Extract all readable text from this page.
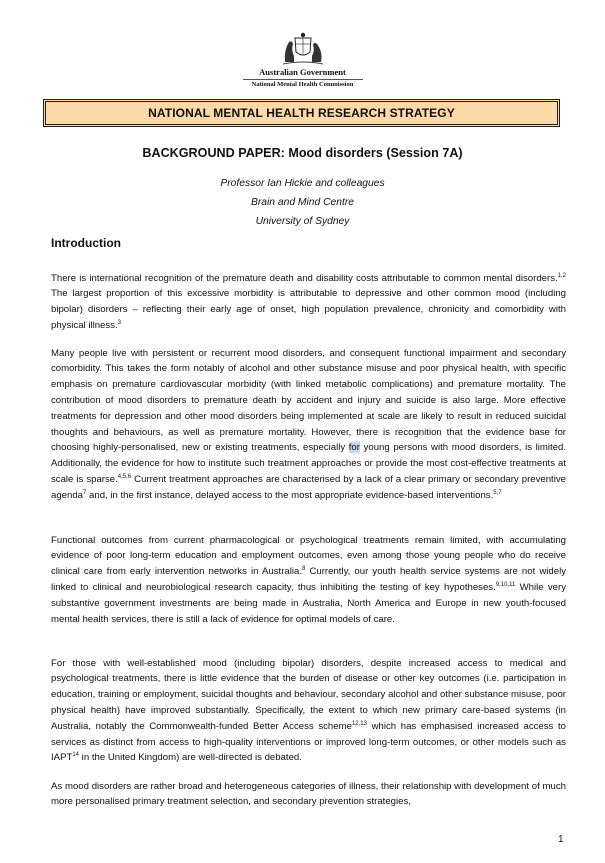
Australian Government
National Mental Health Commission
NATIONAL MENTAL HEALTH RESEARCH STRATEGY
BACKGROUND PAPER: Mood disorders (Session 7A)
Professor Ian Hickie and colleagues
Brain and Mind Centre
University of Sydney
Introduction

There is international recognition of the premature death and disability costs attributable to common mental disorders.$^{1,2}$ The largest proportion of this excessive morbidity is attributable to depressive and other common mood (including bipolar) disorders – reflecting their early age of onset, high population prevalence, chronicity and comorbidity with physical illness.$^3$

Many people live with persistent or recurrent mood disorders, and consequent functional impairment and secondary comorbidity. This takes the form notably of alcohol and other substance misuse and poor physical health, with specific emphasis on premature cardiovascular morbidity (with linked metabolic complications) and premature mortality. The contribution of mood disorders to premature death by accident and injury and suicide is also large. More effective treatments for depression and other mood disorders being implemented at scale are likely to result in reduced suicidal thoughts and behaviours, as well as premature mortality. However, there is recognition that the evidence base for choosing highly-personalised, new or existing treatments, especially for young persons with mood disorders, is limited. Additionally, the evidence for how to institute such treatment approaches or provide the most cost-effective treatments at scale is sparse.$^{4,5,6}$ Current treatment approaches are characterised by a lack of a clear primary or secondary preventive agenda$^7$ and, in the first instance, delayed access to the most appropriate evidence-based interventions.$^{5,7}$

Functional outcomes from current pharmacological or psychological treatments remain limited, with accumulating evidence of poor long-term education and employment outcomes, even among those young people who do receive clinical care from early intervention networks in Australia.$^8$ Currently, our youth health service systems are not widely linked to clinical and neurobiological research capacity, thus inhibiting the testing of key hypotheses.$^{9,10,11}$ While very substantive government investments are being made in Australia, North America and Europe in new youth-focused mental health services, there is still a lack of evidence for optimal models of care.

For those with well-established mood (including bipolar) disorders, despite increased access to medical and psychological treatments, there is little evidence that the burden of disease or other key outcomes (i.e. participation in education, training or employment, suicidal thoughts and behaviour, secondary alcohol and other substance misuse, poor physical health) have improved substantially. Specifically, the extent to which new primary care-based systems (in Australia, notably the Commonwealth-funded Better Access scheme$^{12,13}$ which has emphasised increased access to services as distinct from access to high-quality interventions or improved long-term outcomes, or other models such as IAPT$^{14}$ in the United Kingdom) are well-directed is debated.

As mood disorders are rather broad and heterogeneous categories of illness, their relationship with development of much more personalised primary treatment selection, and secondary prevention strategies,

1
